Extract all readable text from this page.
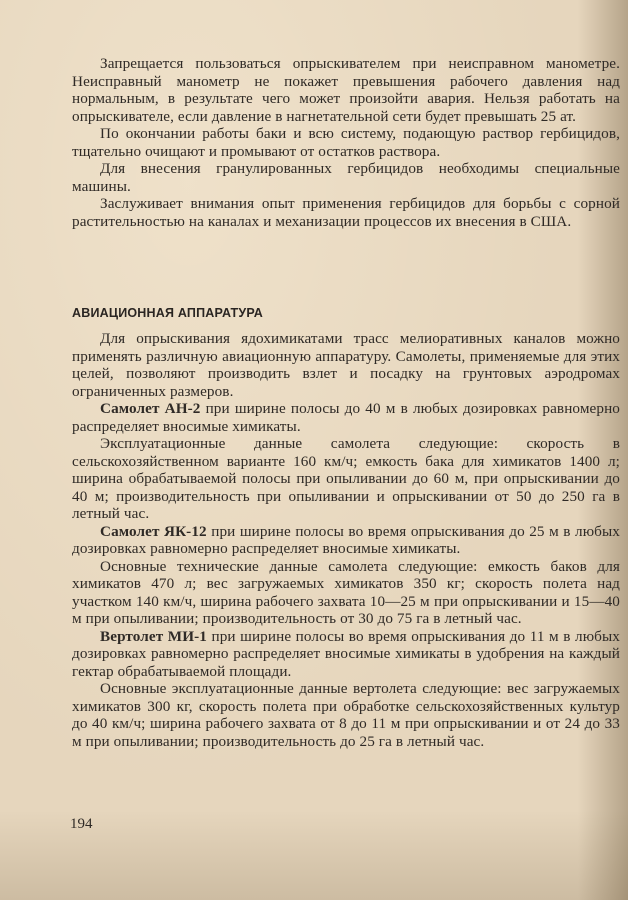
Запрещается пользоваться опрыскивателем при неисправном манометре. Неисправный манометр не покажет превышения рабочего давления над нормальным, в результате чего может произойти авария. Нельзя работать на опрыскивателе, если давление в нагнетательной сети будет превышать 25 ат.

По окончании работы баки и всю систему, подающую раствор гербицидов, тщательно очищают и промывают от остатков раствора.

Для внесения гранулированных гербицидов необходимы специальные машины.

Заслуживает внимания опыт применения гербицидов для борьбы с сорной растительностью на каналах и механизации процессов их внесения в США.

АВИАЦИОННАЯ АППАРАТУРА

Для опрыскивания ядохимикатами трасс мелиоративных каналов можно применять различную авиационную аппаратуру. Самолеты, применяемые для этих целей, позволяют производить взлет и посадку на грунтовых аэродромах ограниченных размеров.

Самолет АН-2 при ширине полосы до 40 м в любых дозировках равномерно распределяет вносимые химикаты.

Эксплуатационные данные самолета следующие: скорость в сельскохозяйственном варианте 160 км/ч; емкость бака для химикатов 1400 л; ширина обрабатываемой полосы при опыливании до 60 м, при опрыскивании до 40 м; производительность при опыливании и опрыскивании от 50 до 250 га в летный час.

Самолет ЯК-12 при ширине полосы во время опрыскивания до 25 м в любых дозировках равномерно распределяет вносимые химикаты.

Основные технические данные самолета следующие: емкость баков для химикатов 470 л; вес загружаемых химикатов 350 кг; скорость полета над участком 140 км/ч, ширина рабочего захвата 10—25 м при опрыскивании и 15—40 м при опыливании; производительность от 30 до 75 га в летный час.

Вертолет МИ-1 при ширине полосы во время опрыскивания до 11 м в любых дозировках равномерно распределяет вносимые химикаты в удобрения на каждый гектар обрабатываемой площади.

Основные эксплуатационные данные вертолета следующие: вес загружаемых химикатов 300 кг, скорость полета при обработке сельскохозяйственных культур до 40 км/ч; ширина рабочего захвата от 8 до 11 м при опрыскивании и от 24 до 33 м при опыливании; производительность до 25 га в летный час.

194
